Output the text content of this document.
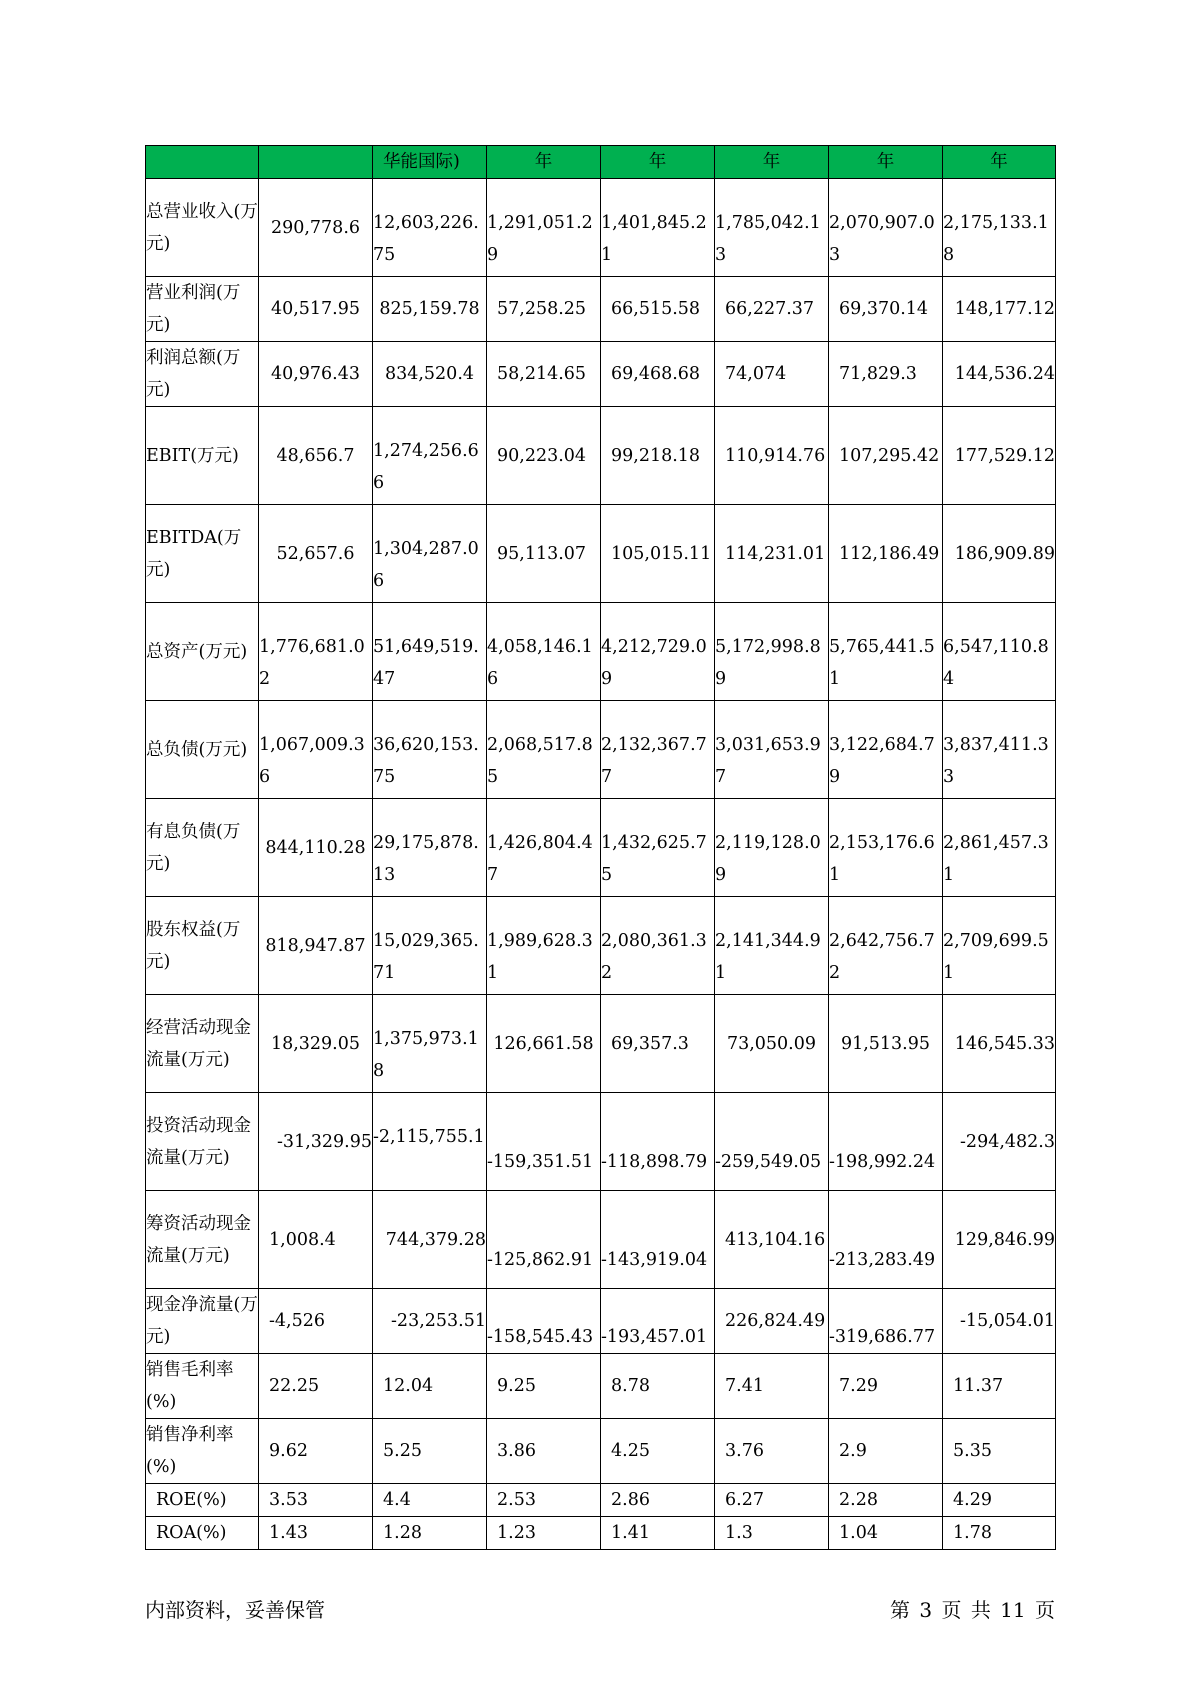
		华能国际)	年	年	年	年	年
总营业收入(万元)	290,778.6	12,603,226.75	1,291,051.29	1,401,845.21	1,785,042.13	2,070,907.03	2,175,133.18
营业利润(万元)	40,517.95	825,159.78	57,258.25	66,515.58	66,227.37	69,370.14	148,177.12
利润总额(万元)	40,976.43	834,520.4	58,214.65	69,468.68	74,074	71,829.3	144,536.24
EBIT(万元)	48,656.7	1,274,256.66	90,223.04	99,218.18	110,914.76	107,295.42	177,529.12
EBITDA(万元)	52,657.6	1,304,287.06	95,113.07	105,015.11	114,231.01	112,186.49	186,909.89
总资产(万元)	1,776,681.02	51,649,519.47	4,058,146.16	4,212,729.09	5,172,998.89	5,765,441.51	6,547,110.84
总负债(万元)	1,067,009.36	36,620,153.75	2,068,517.85	2,132,367.77	3,031,653.97	3,122,684.79	3,837,411.33
有息负债(万元)	844,110.28	29,175,878.13	1,426,804.47	1,432,625.75	2,119,128.09	2,153,176.61	2,861,457.31
股东权益(万元)	818,947.87	15,029,365.71	1,989,628.31	2,080,361.32	2,141,344.91	2,642,756.72	2,709,699.51
经营活动现金流量(万元)	18,329.05	1,375,973.18	126,661.58	69,357.3	73,050.09	91,513.95	146,545.33
投资活动现金流量(万元)	-31,329.95	-2,115,755.1	-159,351.51	-118,898.79	-259,549.05	-198,992.24	-294,482.3
筹资活动现金流量(万元)	1,008.4	744,379.28	-125,862.91	-143,919.04	413,104.16	-213,283.49	129,846.99
现金净流量(万元)	-4,526	-23,253.51	-158,545.43	-193,457.01	226,824.49	-319,686.77	-15,054.01
销售毛利率(%)	22.25	12.04	9.25	8.78	7.41	7.29	11.37
销售净利率(%)	9.62	5.25	3.86	4.25	3.76	2.9	5.35
ROE(%)	3.53	4.4	2.53	2.86	6.27	2.28	4.29
ROA(%)	1.43	1.28	1.23	1.41	1.3	1.04	1.78
内部资料，妥善保管	第 3 页 共 11 页
